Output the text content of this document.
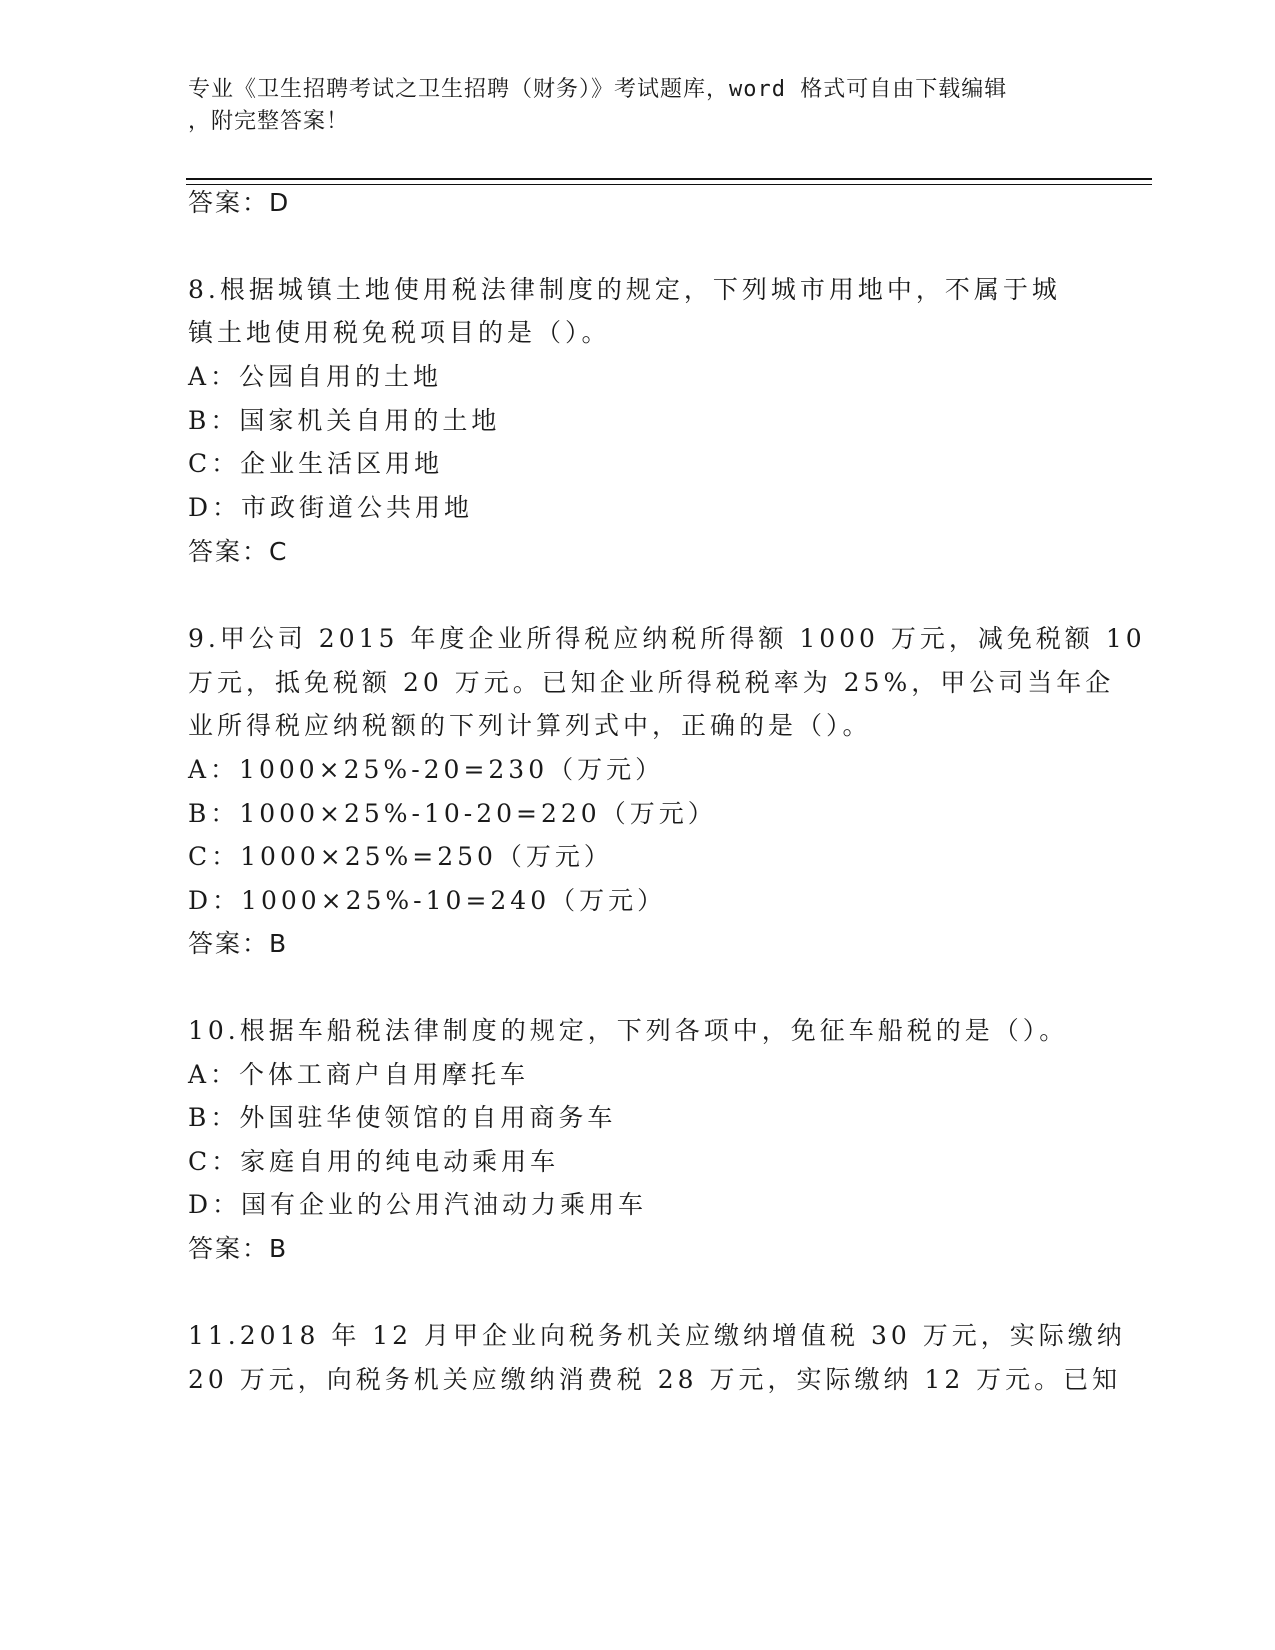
专业《卫生招聘考试之卫生招聘（财务）》考试题库，word 格式可自由下载编辑
，附完整答案！
答案：D
8.根据城镇土地使用税法律制度的规定，下列城市用地中，不属于城
镇土地使用税免税项目的是（）。
A：公园自用的土地
B：国家机关自用的土地
C：企业生活区用地
D：市政街道公共用地
答案：C
9.甲公司 2015 年度企业所得税应纳税所得额 1000 万元，减免税额 10
万元，抵免税额 20 万元。已知企业所得税税率为 25%，甲公司当年企
业所得税应纳税额的下列计算列式中，正确的是（）。
A：1000×25%-20=230（万元）
B：1000×25%-10-20=220（万元）
C：1000×25%=250（万元）
D：1000×25%-10=240（万元）
答案：B
10.根据车船税法律制度的规定，下列各项中，免征车船税的是（）。
A：个体工商户自用摩托车
B：外国驻华使领馆的自用商务车
C：家庭自用的纯电动乘用车
D：国有企业的公用汽油动力乘用车
答案：B
11.2018 年 12 月甲企业向税务机关应缴纳增值税 30 万元，实际缴纳
20 万元，向税务机关应缴纳消费税 28 万元，实际缴纳 12 万元。已知
